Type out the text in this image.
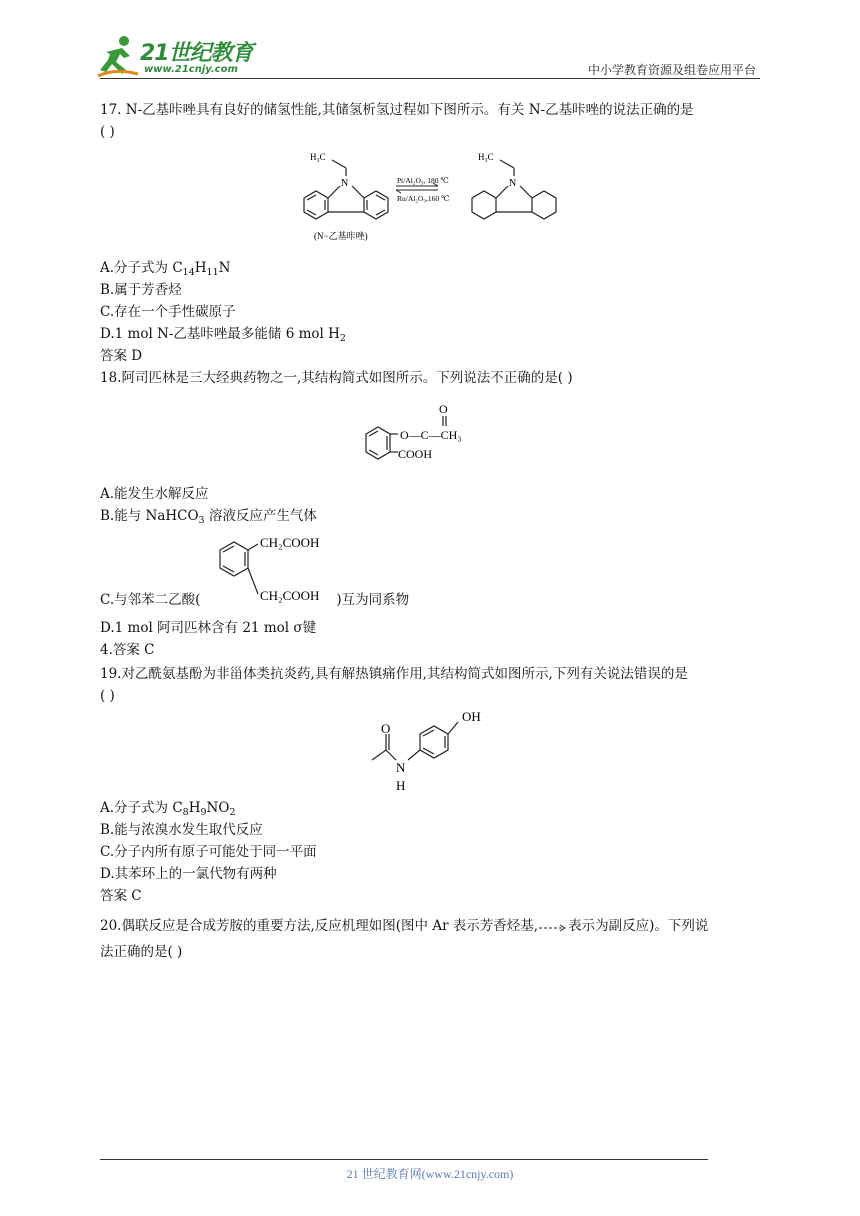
21世纪教育
www.21cnjy.com	中小学教育资源及组卷应用平台
17. N-乙基咔唑具有良好的储氢性能,其储氢析氢过程如下图所示。有关 N-乙基咔唑的说法正确的是
( )
H₃C
N	Pt/Al₂O₃, 180 ℃
Ru/Al₂O₃,160 ℃
H₃C
N
(N−乙基咔唑)
A.分子式为 $C_{14}H_{11}N$
B.属于芳香烃
C.存在一个手性碳原子
D.1 mol N-乙基咔唑最多能储 6 mol $H_2$
答案 D
18.阿司匹林是三大经典药物之一,其结构简式如图所示。下列说法不正确的是( )
O
O—C—CH₃
COOH
A.能发生水解反应
B.能与 NaHCO$_3$ 溶液反应产生气体
C.与邻苯二乙酸(	)互为同系物
CH₂COOH
CH₂COOH
D.1 mol 阿司匹林含有 21 mol σ键
4.答案 C
19.对乙酰氨基酚为非甾体类抗炎药,具有解热镇痛作用,其结构简式如图所示,下列有关说法错误的是
( )
O
N
H
OH
A.分子式为 $C_8H_9NO_2$
B.能与浓溴水发生取代反应
C.分子内所有原子可能处于同一平面
D.其苯环上的一氯代物有两种
答案 C
20.偶联反应是合成芳胺的重要方法,反应机理如图(图中 Ar 表示芳香烃基, 表示为副反应)。下列说
法正确的是( )
21 世纪教育网(www.21cnjy.com)
